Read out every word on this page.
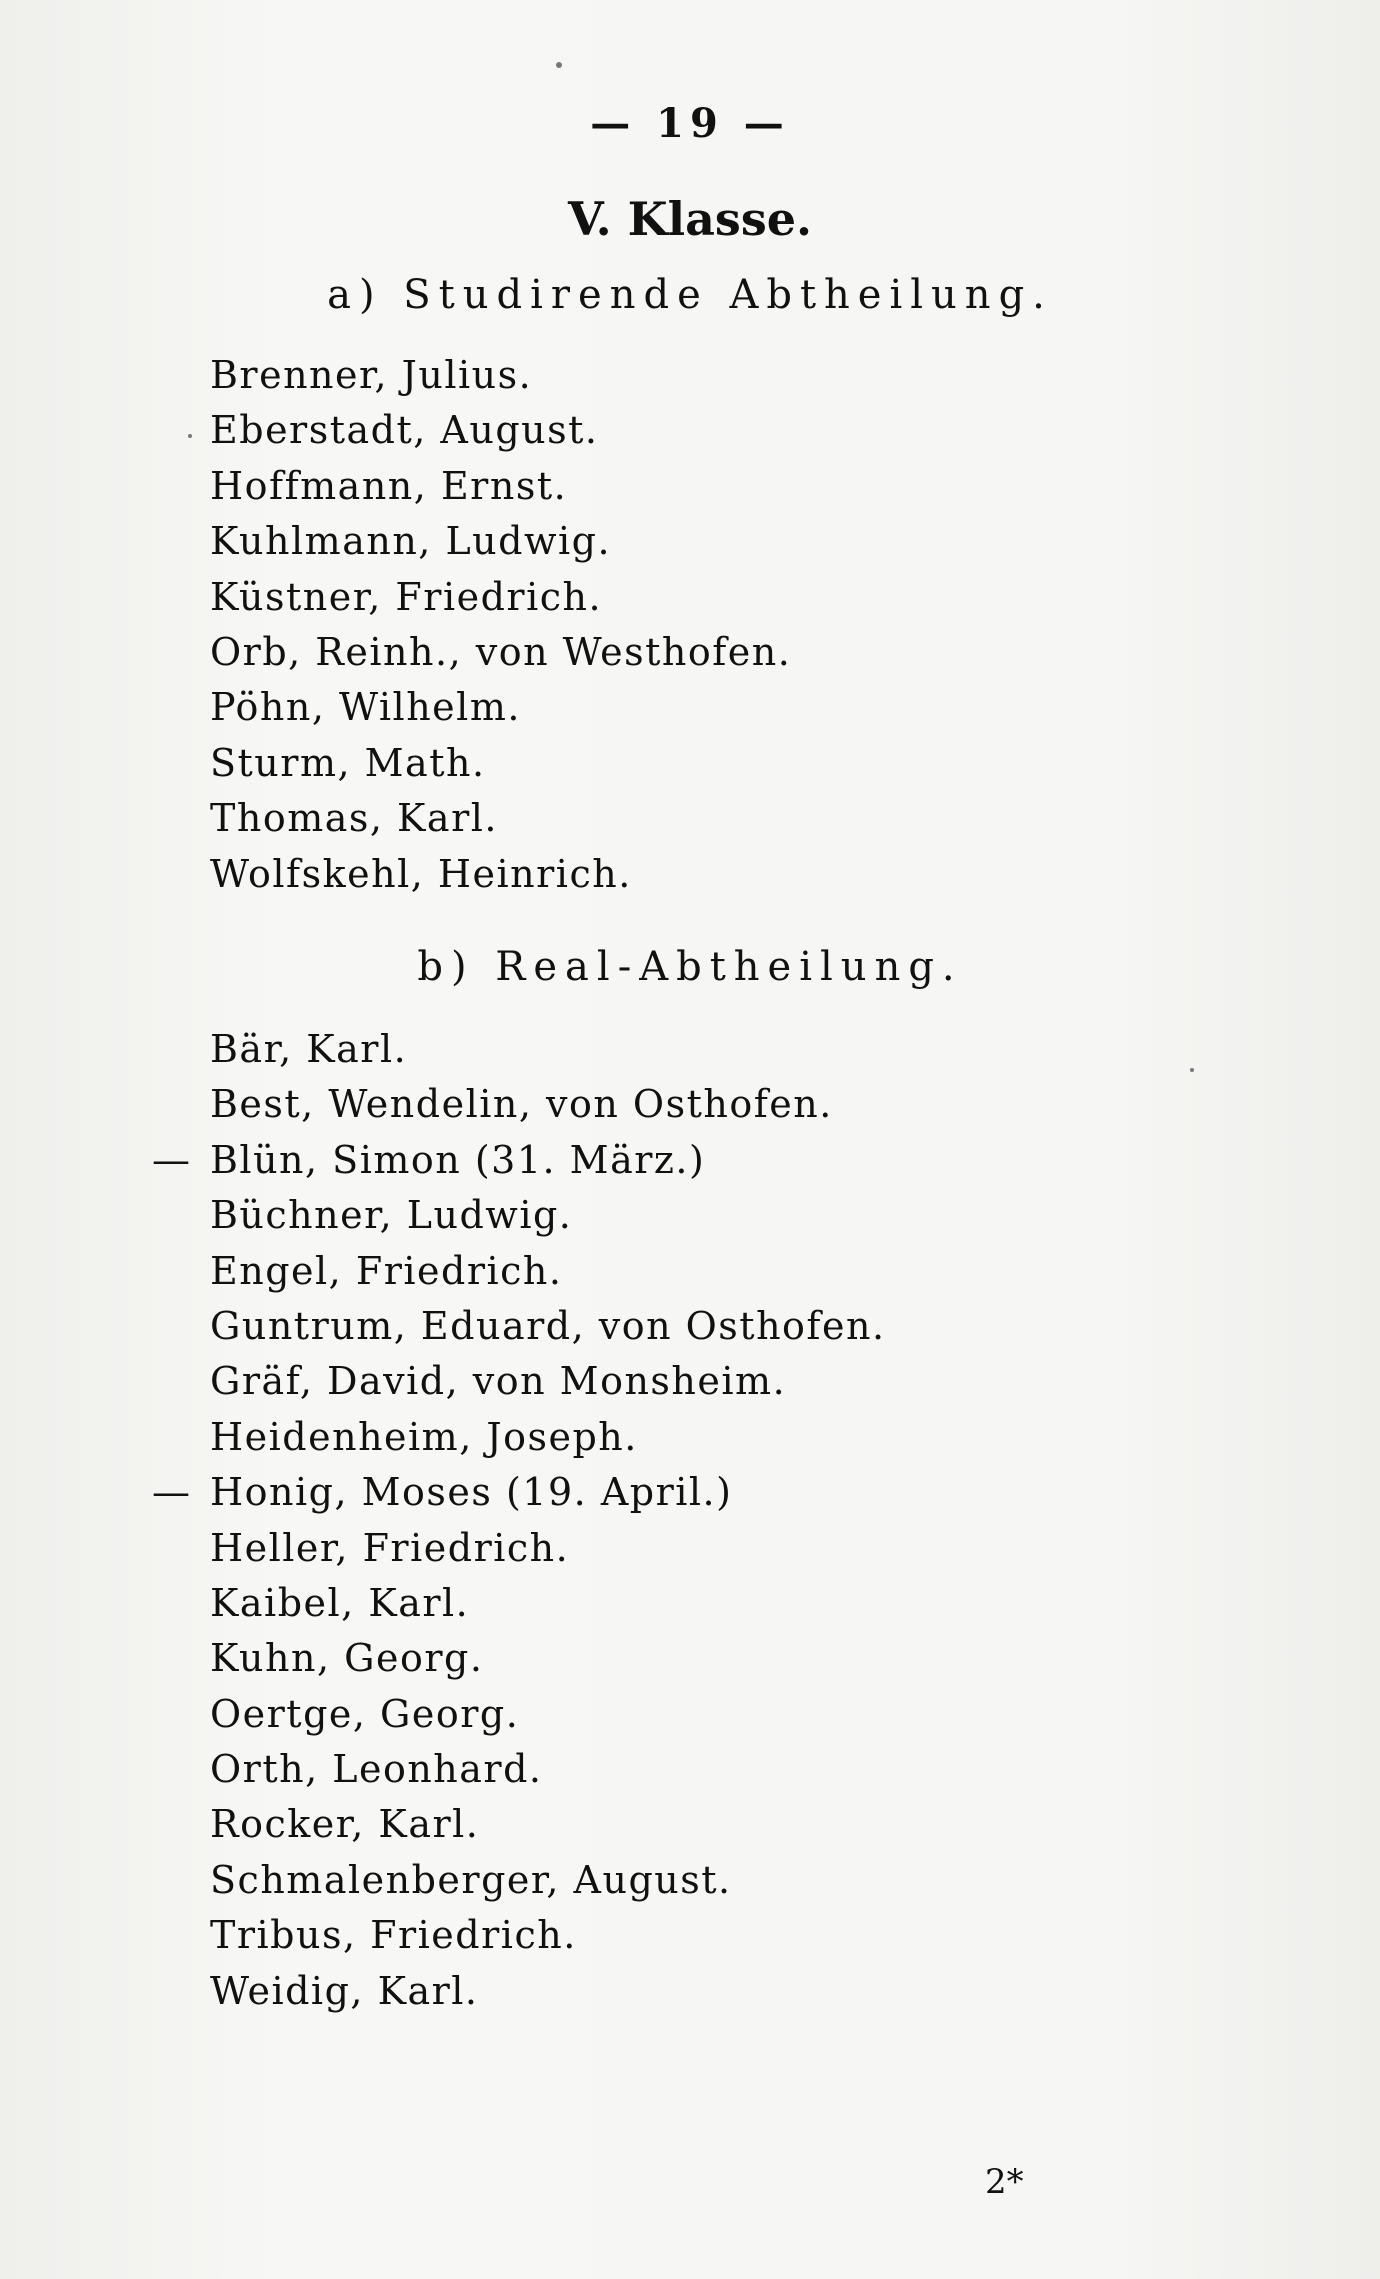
— 19 —
V. Klasse.
a) Studirende Abtheilung.
Brenner, Julius.
Eberstadt, August.
Hoffmann, Ernst.
Kuhlmann, Ludwig.
Küstner, Friedrich.
Orb, Reinh., von Westhofen.
Pöhn, Wilhelm.
Sturm, Math.
Thomas, Karl.
Wolfskehl, Heinrich.
b) Real-Abtheilung.
Bär, Karl.
Best, Wendelin, von Osthofen.
— Blün, Simon (31. März.)
Büchner, Ludwig.
Engel, Friedrich.
Guntrum, Eduard, von Osthofen.
Gräf, David, von Monsheim.
Heidenheim, Joseph.
— Honig, Moses (19. April.)
Heller, Friedrich.
Kaibel, Karl.
Kuhn, Georg.
Oertge, Georg.
Orth, Leonhard.
Rocker, Karl.
Schmalenberger, August.
Tribus, Friedrich.
Weidig, Karl.
2*
